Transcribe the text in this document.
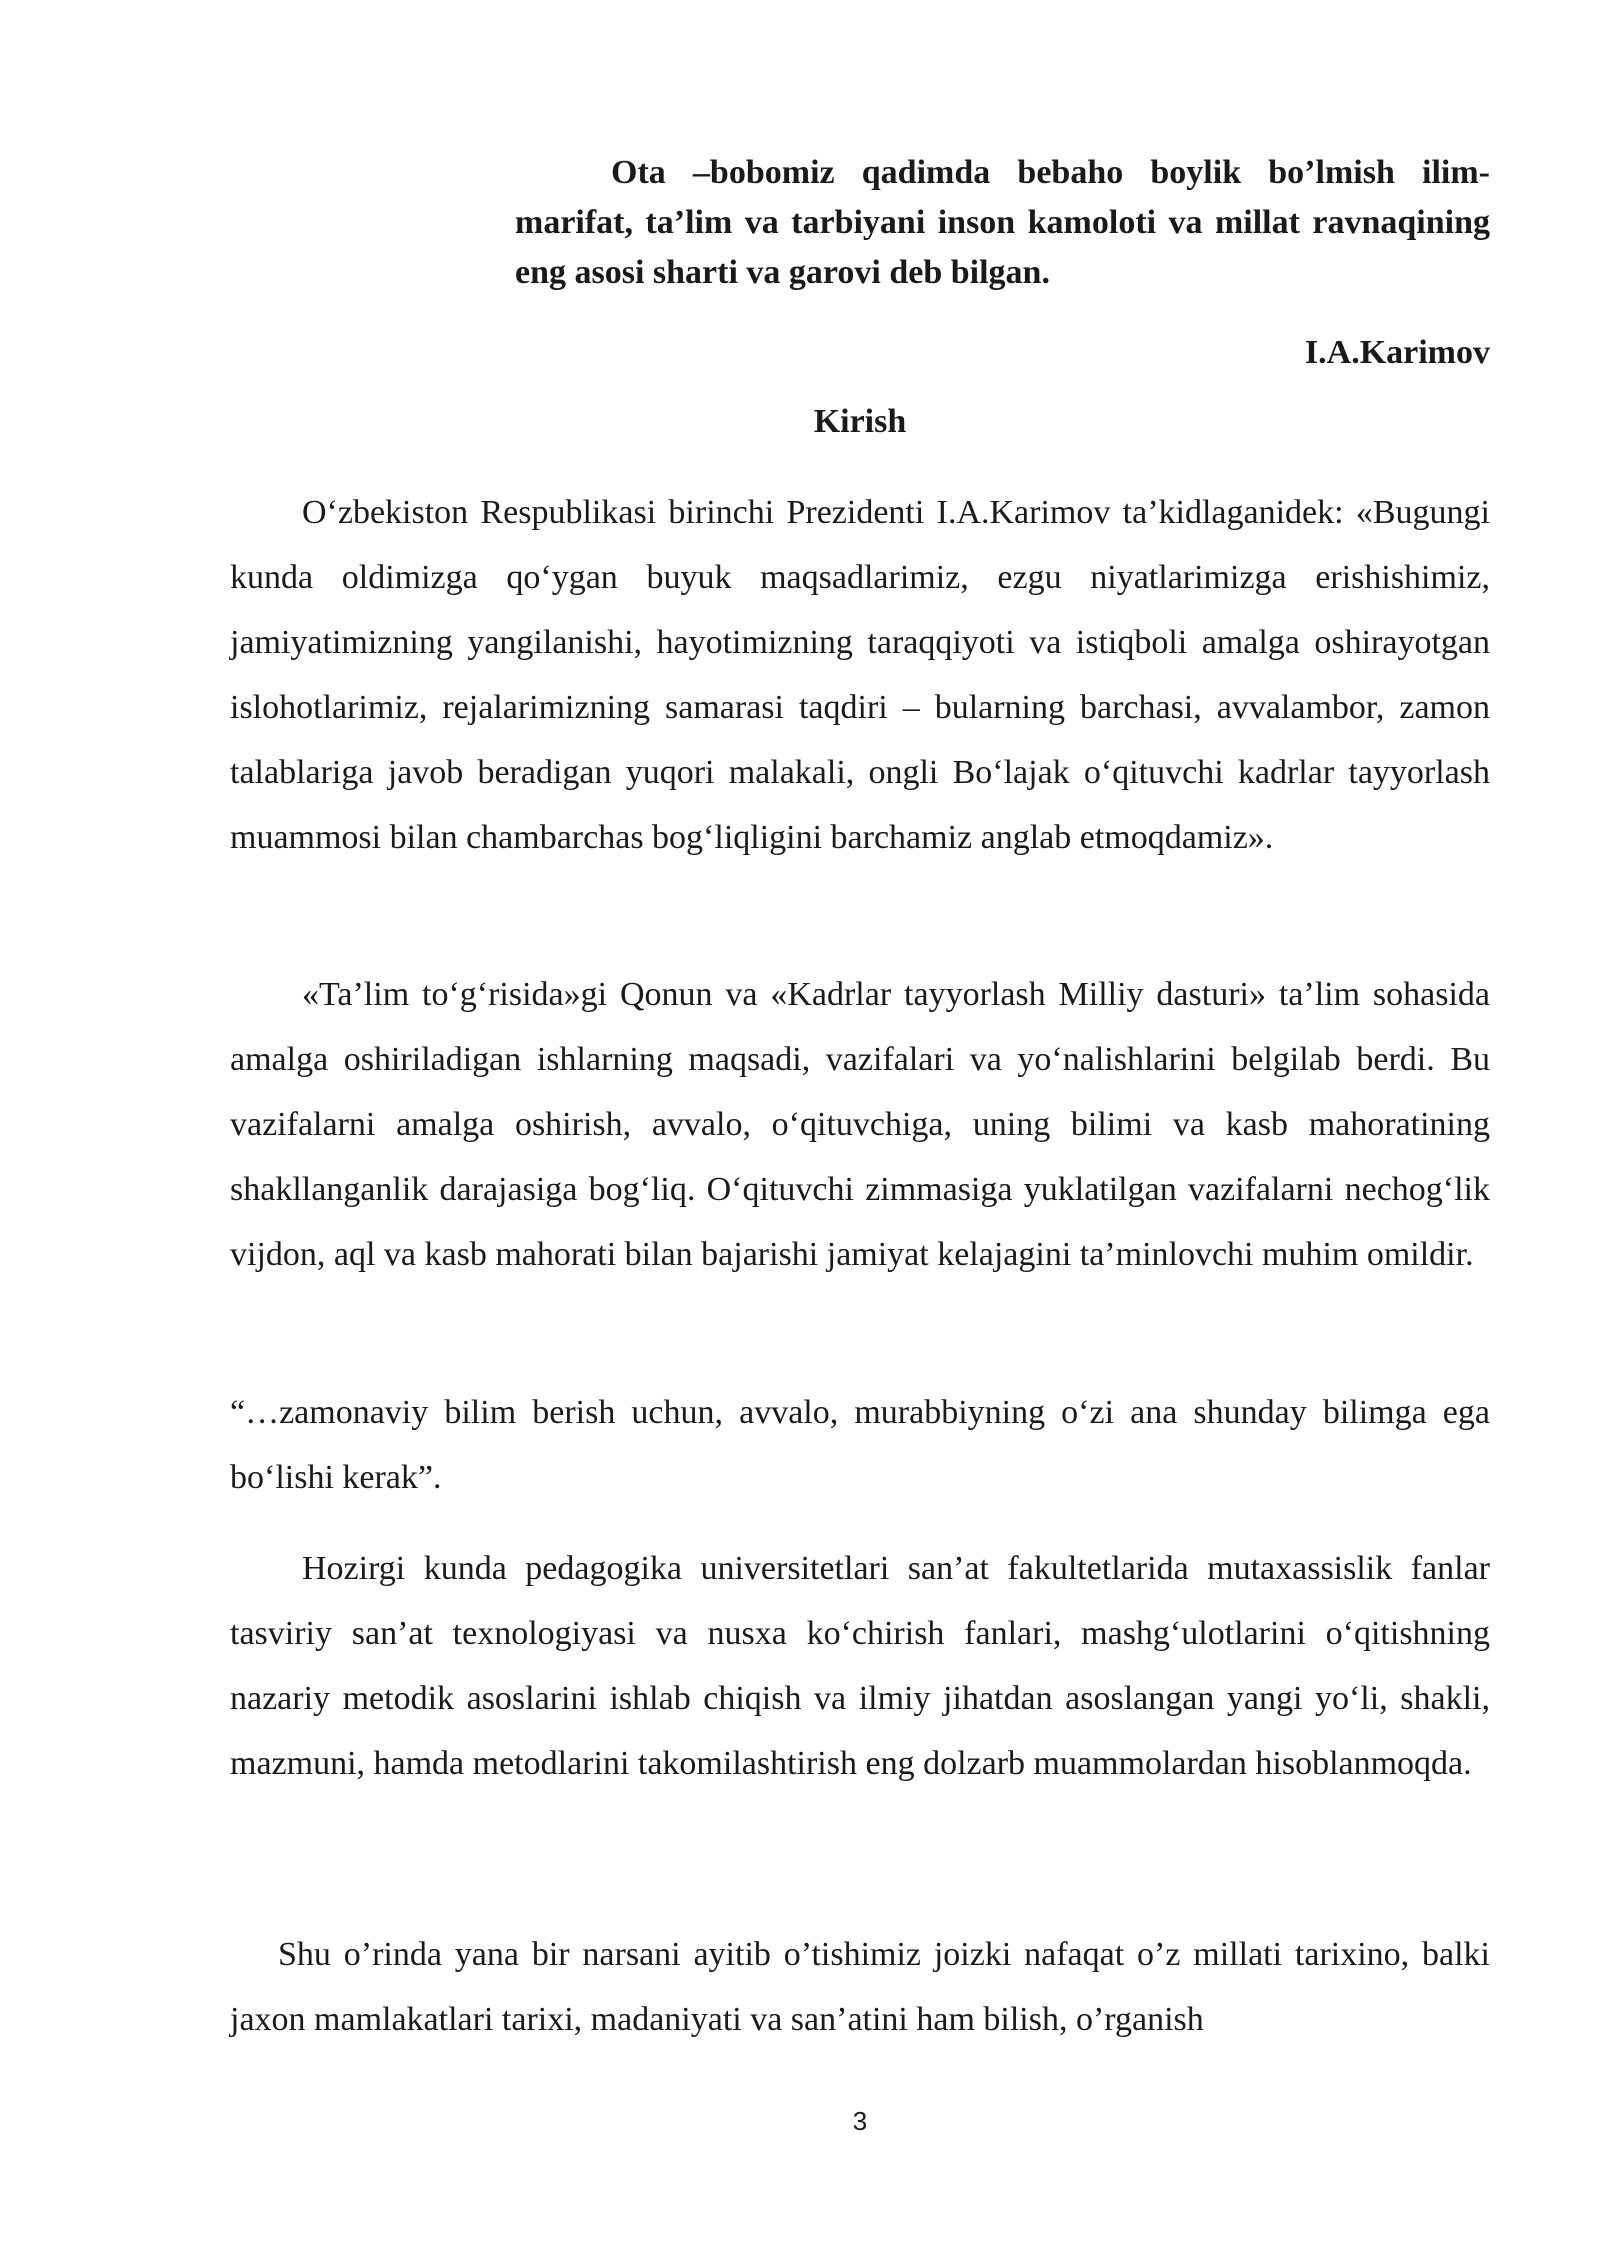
Ota –bobomiz qadimda bebaho boylik bo’lmish ilim-marifat, ta’lim va tarbiyani inson kamoloti va millat ravnaqining eng asosi sharti va garovi deb bilgan.

I.A.Karimov

Kirish

O‘zbekiston Respublikasi birinchi Prezidenti I.A.Karimov ta’kidlaganidek: «Bugungi kunda oldimizga qo‘ygan buyuk maqsadlarimiz, ezgu niyatlarimizga erishishimiz, jamiyatimizning yangilanishi, hayotimizning taraqqiyoti va istiqboli amalga oshirayotgan islohotlarimiz, rejalarimizning samarasi taqdiri – bularning barchasi, avvalambor, zamon talablariga javob beradigan yuqori malakali, ongli Bo‘lajak o‘qituvchi kadrlar tayyorlash muammosi bilan chambarchas bog‘liqligini barchamiz anglab etmoqdamiz».

«Ta’lim to‘g‘risida»gi Qonun va «Kadrlar tayyorlash Milliy dasturi» ta’lim sohasida amalga oshiriladigan ishlarning maqsadi, vazifalari va yo‘nalishlarini belgilab berdi. Bu vazifalarni amalga oshirish, avvalo, o‘qituvchiga, uning bilimi va kasb mahoratining shakllanganlik darajasiga bog‘liq. O‘qituvchi zimmasiga yuklatilgan vazifalarni nechog‘lik vijdon, aql va kasb mahorati bilan bajarishi jamiyat kelajagini ta’minlovchi muhim omildir.

“…zamonaviy bilim berish uchun, avvalo, murabbiyning o‘zi ana shunday bilimga ega bo‘lishi kerak”.

Hozirgi kunda pedagogika universitetlari san’at fakultetlarida mutaxassislik fanlar tasviriy san’at texnologiyasi va nusxa ko‘chirish fanlari, mashg‘ulotlarini o‘qitishning nazariy metodik asoslarini ishlab chiqish va ilmiy jihatdan asoslangan yangi yo‘li, shakli, mazmuni, hamda metodlarini takomilashtirish eng dolzarb muammolardan hisoblanmoqda.

Shu o’rinda yana bir narsani ayitib o’tishimiz joizki nafaqat o’z millati tarixino, balki jaxon mamlakatlari tarixi, madaniyati va san’atini ham bilish, o’rganish

3
